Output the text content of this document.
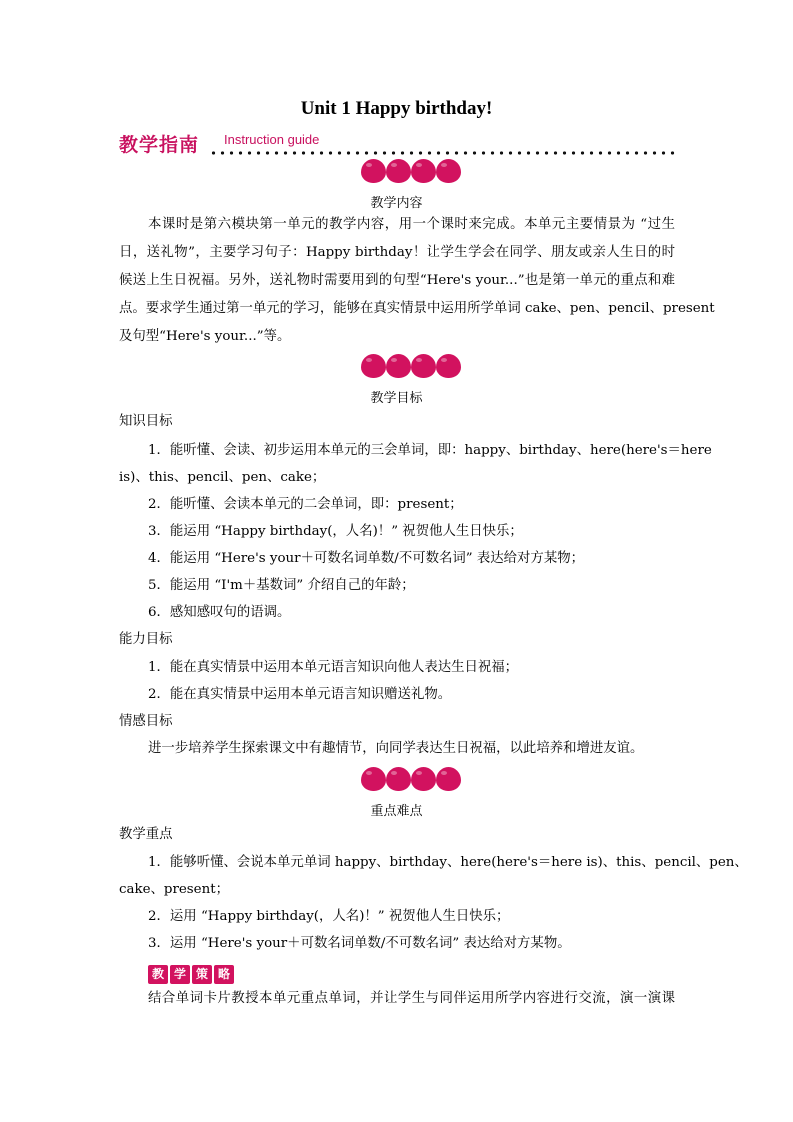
Unit 1 Happy birthday!
教学指南 Instruction guide
教学内容
本课时是第六模块第一单元的教学内容，用一个课时来完成。本单元主要情景为 “过生
日，送礼物”，主要学习句子：Happy birthday！让学生学会在同学、朋友或亲人生日的时
候送上生日祝福。另外，送礼物时需要用到的句型“Here's your...”也是第一单元的重点和难
点。要求学生通过第一单元的学习，能够在真实情景中运用所学单词 cake、pen、pencil、present
及句型“Here's your...”等。
教学目标
知识目标
1．能听懂、会读、初步运用本单元的三会单词，即：happy、birthday、here(here's＝here
is)、this、pencil、pen、cake；
2．能听懂、会读本单元的二会单词，即：present；
3．能运用 “Happy birthday(，人名)！” 祝贺他人生日快乐；
4．能运用 “Here's your＋可数名词单数/不可数名词” 表达给对方某物；
5．能运用 “I'm＋基数词” 介绍自己的年龄；
6．感知感叹句的语调。
能力目标
1．能在真实情景中运用本单元语言知识向他人表达生日祝福；
2．能在真实情景中运用本单元语言知识赠送礼物。
情感目标
进一步培养学生探索课文中有趣情节，向同学表达生日祝福，以此培养和增进友谊。
重点难点
教学重点
1．能够听懂、会说本单元单词 happy、birthday、here(here's＝here is)、this、pencil、pen、
cake、present；
2．运用 “Happy birthday(，人名)！” 祝贺他人生日快乐；
3．运用 “Here's your＋可数名词单数/不可数名词” 表达给对方某物。
教 学 策 略
结合单词卡片教授本单元重点单词，并让学生与同伴运用所学内容进行交流，演一演课
